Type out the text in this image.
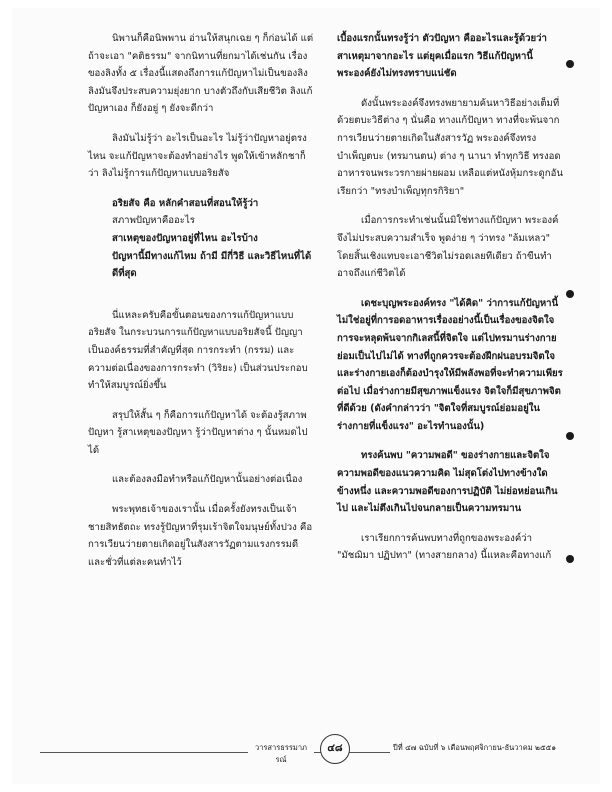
นิพานก็คือนิพพาน อ่านให้สนุกเฉย ๆ ก็ก่อนได้ แต่ถ้าจะเอา "คติธรรม" จากนิทานที่ยกมาได้เช่นกัน เรื่องของลิงทั้ง ๕ เรื่องนี้แสดงถึงการแก้ปัญหาไม่เป็นของลิง ลิงมันจึงประสบความยุ่งยาก บางตัวถึงกับเสียชีวิต ลิงแก้ปัญหาเอง ก็ยังอยู่ ๆ ยังจะดีกว่า

ลิงมันไม่รู้ว่า อะไรเป็นอะไร ไม่รู้ว่าปัญหาอยู่ตรงไหน จะแก้ปัญหาจะต้องทำอย่างไร พูดให้เข้าหลักชาก็ว่า ลิงไม่รู้การแก้ปัญหาแบบอริยสัจ

อริยสัจ คือ หลักคำสอนที่สอนให้รู้ว่า

สภาพปัญหาคืออะไร

สาเหตุของปัญหาอยู่ที่ไหน อะไรบ้าง

ปัญหานี้มีทางแก้ไหม ถ้ามี มีกี่วิธี และวิธีไหนที่ได้ดีที่สุด

นี่แหละครับคือขั้นตอนของการแก้ปัญหาแบบอริยสัจ ในกระบวนการแก้ปัญหาแบบอริยสัจนี้ ปัญญาเป็นองค์ธรรมที่สำคัญที่สุด การกระทำ (กรรม) และความต่อเนื่องของการกระทำ (วิริยะ) เป็นส่วนประกอบทำให้สมบูรณ์ยิ่งขึ้น

สรุปให้สั้น ๆ ก็คือการแก้ปัญหาได้ จะต้องรู้สภาพปัญหา รู้สาเหตุของปัญหา รู้ว่าปัญหาต่าง ๆ นั้นหมดไปได้

และต้องลงมือทำหรือแก้ปัญหานั้นอย่างต่อเนื่อง

พระพุทธเจ้าของเรานั้น เมื่อครั้งยังทรงเป็นเจ้าชายสิทธัตถะ ทรงรู้ปัญหาที่รุมเร้าจิตใจมนุษย์ทั้งปวง คือการเวียนว่ายตายเกิดอยู่ในสังสารวัฏตามแรงกรรมดีและชั่วที่แต่ละคนทำไว้

เบื้องแรกนั้นทรงรู้ว่า ตัวปัญหา คืออะไรและรู้ด้วยว่า สาเหตุมาจากอะไร แต่ยุคเมื่อแรก วิธีแก้ปัญหานี้ พระองค์ยังไม่ทรงทราบแน่ชัด

ดังนั้นพระองค์จึงทรงพยายามค้นหาวิธีอย่างเต็มที่ ด้วยตบะวิธีต่าง ๆ นั่นคือ ทางแก้ปัญหา ทางที่จะพ้นจากการเวียนว่ายตายเกิดในสังสารวัฏ พระองค์จึงทรงบำเพ็ญตบะ (ทรมานตน) ต่าง ๆ นานา ทำทุกวิธี ทรงอดอาหารจนพระวรกายผ่ายผอม เหลือแต่หนังหุ้มกระดูกอันเรียกว่า "ทรงบำเพ็ญทุกรกิริยา"

เมื่อการกระทำเช่นนั้นมิใช่ทางแก้ปัญหา พระองค์จึงไม่ประสบความสำเร็จ พูดง่าย ๆ ว่าทรง "ล้มเหลว" โดยสิ้นเชิงแทบจะเอาชีวิตไม่รอดเลยทีเดียว ถ้าขืนทำอาจถึงแก่ชีวิตได้

เดชะบุญพระองค์ทรง "ได้คิด" ว่าการแก้ปัญหานี้ไม่ใช่อยู่ที่การอดอาหารเรื่องอย่างนี้เป็นเรื่องของจิตใจ การจะหลุดพ้นจากกิเลสนี้ที่จิตใจ แต่ไปทรมานร่างกายย่อมเป็นไปไม่ได้ ทางที่ถูกควรจะต้องฝึกฝนอบรมจิตใจ และร่างกายเองก็ต้องบำรุงให้มีพลังพอที่จะทำความเพียรต่อไป เมื่อร่างกายมีสุขภาพแข็งแรง จิตใจก็มีสุขภาพจิตที่ดีด้วย (ดังคำกล่าวว่า "จิตใจที่สมบูรณ์ย่อมอยู่ในร่างกายที่แข็งแรง" อะไรทำนองนั้น)

ทรงค้นพบ "ความพอดี" ของร่างกายและจิตใจ ความพอดีของแนวความคิด ไม่สุดโต่งไปทางข้างใดข้างหนึ่ง และความพอดีของการปฏิบัติ ไม่ย่อหย่อนเกินไป และไม่ตึงเกินไปจนกลายเป็นความทรมาน

เราเรียกการค้นพบทางที่ถูกของพระองค์ว่า "มัชฌิมา ปฏิปทา" (ทางสายกลาง) นี้แหละคือทางแก้

วารสารธรรมาภรณ์
๔๘	ปีที่ ๔๗ ฉบับที่ ๖ เดือนพฤศจิกายน-ธันวาคม ๒๕๕๑
